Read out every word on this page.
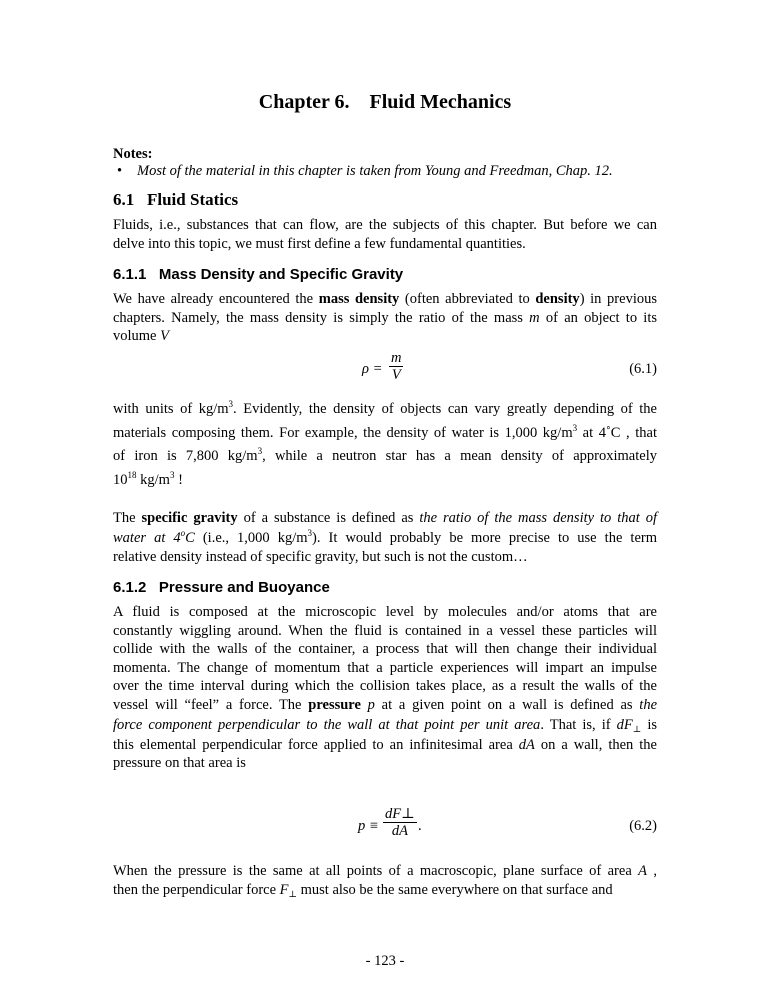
Chapter 6. Fluid Mechanics
Notes:
• Most of the material in this chapter is taken from Young and Freedman, Chap. 12.
6.1 Fluid Statics

Fluids, i.e., substances that can flow, are the subjects of this chapter. But before we can
delve into this topic, we must first define a few fundamental quantities.

6.1.1 Mass Density and Specific Gravity

We have already encountered the mass density (often abbreviated to density) in previous
chapters. Namely, the mass density is simply the ratio of the mass m of an object to its
volume V

$\rho = \frac{m}{V}$	(6.1)

with units of $kg/m^3$. Evidently, the density of objects can vary greatly depending of the
materials composing them. For example, the density of water is 1,000 $kg/m^3$ at 4˚C , that
of iron is 7,800 $kg/m^3$, while a neutron star has a mean density of approximately
$10^{18}$ $kg/m^3$ !

The specific gravity of a substance is defined as the ratio of the mass density to that of
water at 4$^o$C (i.e., 1,000 $kg/m^3$). It would probably be more precise to use the term
relative density instead of specific gravity, but such is not the custom…

6.1.2 Pressure and Buoyance

A fluid is composed at the microscopic level by molecules and/or atoms that are
constantly wiggling around. When the fluid is contained in a vessel these particles will
collide with the walls of the container, a process that will then change their individual
momenta. The change of momentum that a particle experiences will impart an impulse
over the time interval during which the collision takes place, as a result the walls of the
vessel will “feel” a force. The pressure p at a given point on a wall is defined as the
force component perpendicular to the wall at that point per unit area. That is, if $dF_\perp$ is
this elemental perpendicular force applied to an infinitesimal area dA on a wall, then the
pressure on that area is

$p \equiv \frac{dF\perp}{dA}$ .	(6.2)

When the pressure is the same at all points of a macroscopic, plane surface of area A ,
then the perpendicular force $F_\perp$ must also be the same everywhere on that surface and

- 123 -
